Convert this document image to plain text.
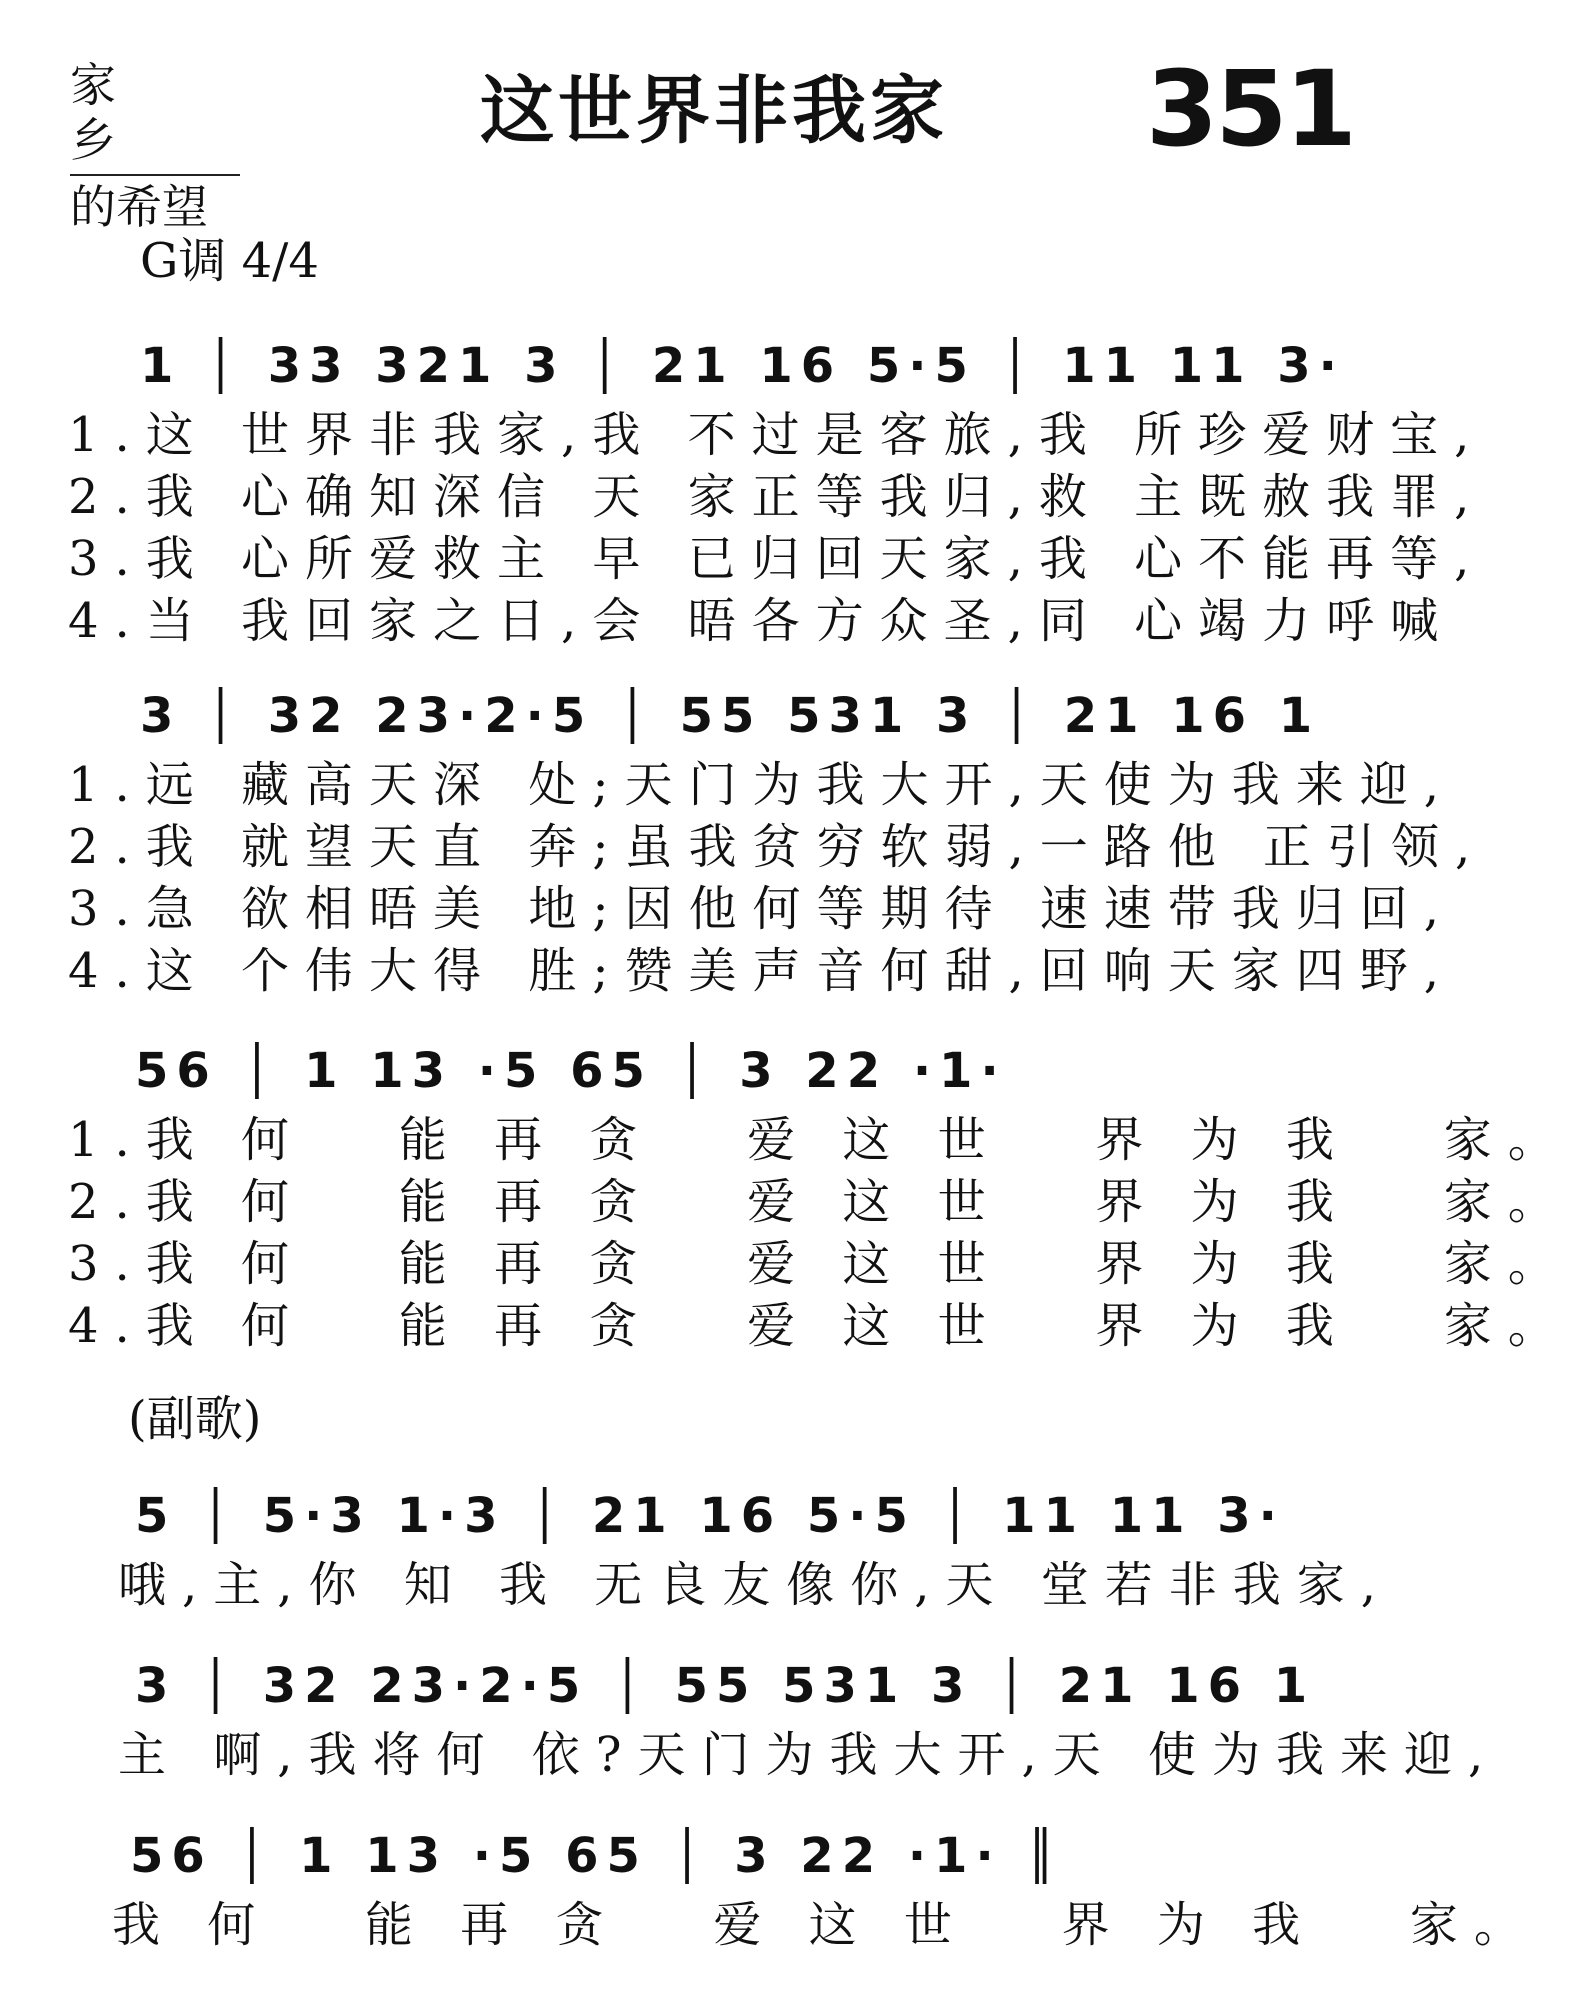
家乡
的希望
这世界非我家 351
G调 4/4

1 │ 33 321 3 │ 21 16 5·5 │ 11 11 3·

1.这 世界非我家,我 不过是客旅,我 所珍爱财宝,
2.我 心确知深信 天 家正等我归,救 主既赦我罪,
3.我 心所爱救主 早 已归回天家,我 心不能再等,
4.当 我回家之日,会 晤各方众圣,同 心竭力呼喊

3 │ 32 23·2·5 │ 55 531 3 │ 21 16 1

1.远 藏高天深 处;天门为我大开,天使为我来迎,
2.我 就望天直 奔;虽我贫穷软弱,一路他 正引领,
3.急 欲相晤美 地;因他何等期待 速速带我归回,
4.这 个伟大得 胜;赞美声音何甜,回响天家四野,

56 │ 1 13 ·5 65 │ 3 22 ·1·

1.我 何   能 再 贪   爱 这 世   界 为 我   家。
2.我 何   能 再 贪   爱 这 世   界 为 我   家。
3.我 何   能 再 贪   爱 这 世   界 为 我   家。
4.我 何   能 再 贪   爱 这 世   界 为 我   家。
(副歌)

5 │ 5·3 1·3 │ 21 16 5·5 │ 11 11 3·

哦,主,你 知 我 无良友像你,天 堂若非我家,

3 │ 32 23·2·5 │ 55 531 3 │ 21 16 1

主 啊,我将何 依?天门为我大开,天 使为我来迎,

56 │ 1 13 ·5 65 │ 3 22 ·1· ║

我 何   能 再 贪   爱 这 世   界 为 我   家。
